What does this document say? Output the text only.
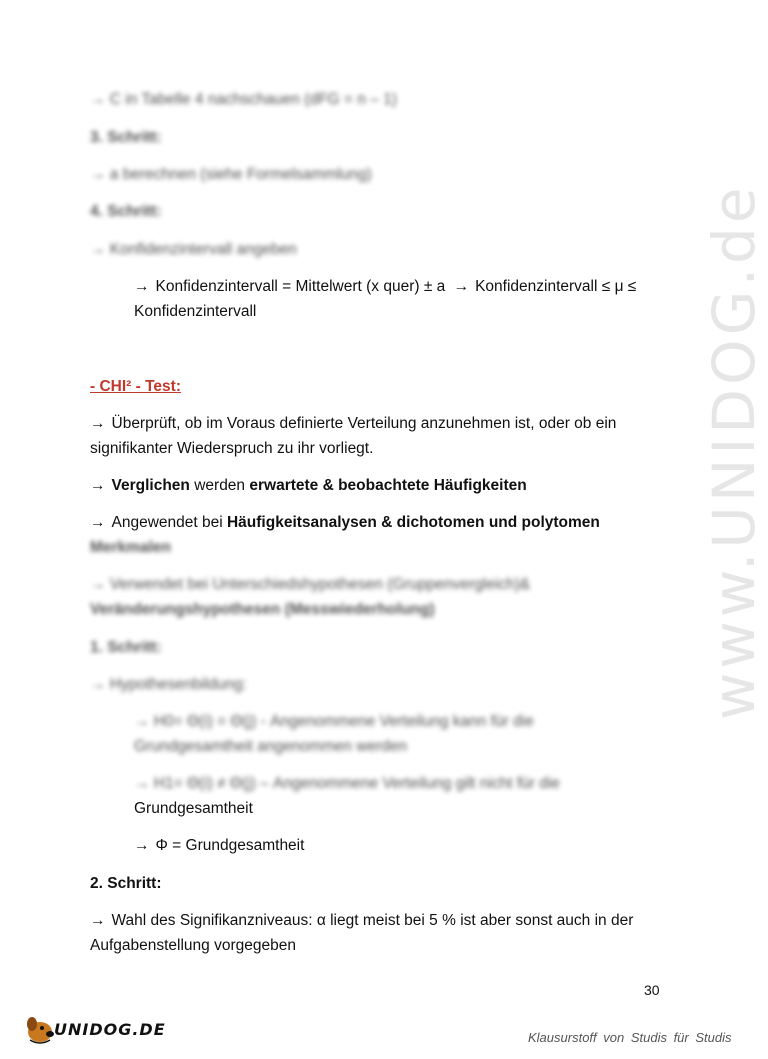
www.UNIDOG.de
→ C in Tabelle 4 nachschauen (dFG = n – 1)
3. Schritt:
→ a berechnen (siehe Formelsammlung)
4. Schritt:
→ Konfidenzintervall angeben
→ Konfidenzintervall = Mittelwert (x quer) ± a → Konfidenzintervall ≤ μ ≤
Konfidenzintervall
- CHI² - Test:
→ Überprüft, ob im Voraus definierte Verteilung anzunehmen ist, oder ob ein
signifikanter Wiederspruch zu ihr vorliegt.
→ Verglichen werden erwartete & beobachtete Häufigkeiten
→ Angewendet bei Häufigkeitsanalysen & dichotomen und polytomen
Merkmalen
→ Verwendet bei Unterschiedshypothesen (Gruppenvergleich)&
Veränderungshypothesen (Messwiederholung)
1. Schritt:
→ Hypothesenbildung:
→ H0= Θ(i) = Θ(j) - Angenommene Verteilung kann für die
Grundgesamtheit angenommen werden
→ H1= Θ(i) ≠ Θ(j) – Angenommene Verteilung gilt nicht für die
Grundgesamtheit
→ Φ = Grundgesamtheit
2. Schritt:
→ Wahl des Signifikanzniveaus: α liegt meist bei 5 % ist aber sonst auch in der
Aufgabenstellung vorgegeben
30
UNIDOG.DE	Klausurstoff von Studis für Studis
